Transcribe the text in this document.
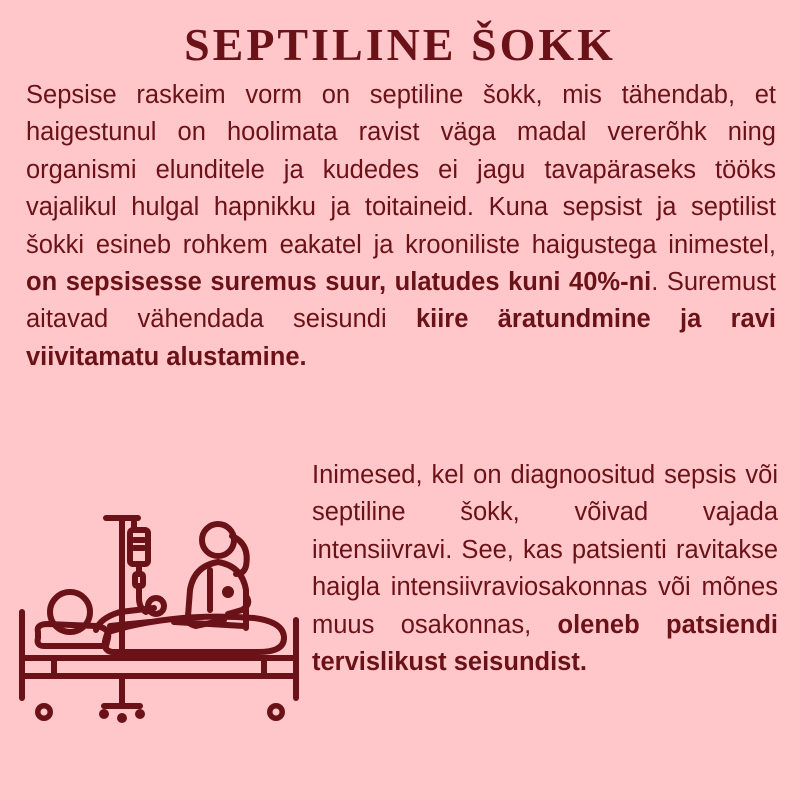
SEPTILINE ŠOKK

Sepsise raskeim vorm on septiline šokk, mis tähendab, et haigestunul on hoolimata ravist väga madal vererõhk ning organismi elunditele ja kudedes ei jagu tavapäraseks tööks vajalikul hulgal hapnikku ja toitaineid. Kuna sepsist ja septilist šokki esineb rohkem eakatel ja krooniliste haigustega inimestel, on sepsisesse suremus suur, ulatudes kuni 40%-ni. Suremust aitavad vähendada seisundi kiire äratundmine ja ravi viivitamatu alustamine.

Inimesed, kel on diagnoositud sepsis või septiline šokk, võivad vajada intensiivravi. See, kas patsienti ravitakse haigla intensiivraviosakonnas või mõnes muus osakonnas, oleneb patsiendi tervislikust seisundist.
